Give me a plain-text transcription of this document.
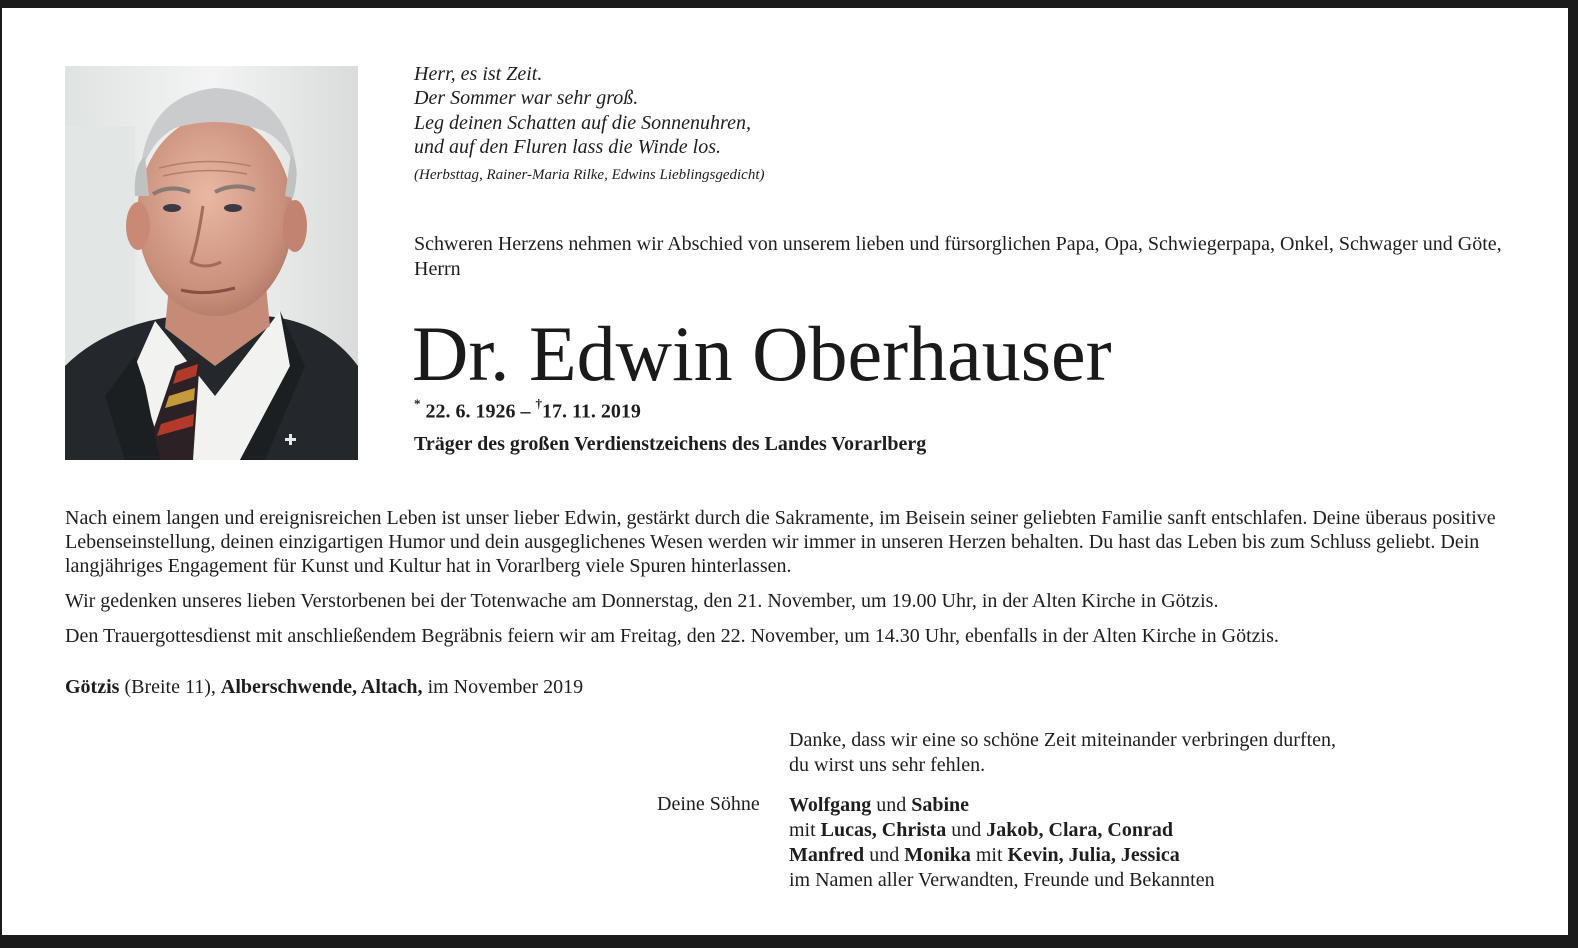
Herr, es ist Zeit.
Der Sommer war sehr groß.
Leg deinen Schatten auf die Sonnenuhren,
und auf den Fluren lass die Winde los.
(Herbsttag, Rainer-Maria Rilke, Edwins Lieblingsgedicht)
Schweren Herzens nehmen wir Abschied von unserem lieben und fürsorglichen Papa, Opa, Schwiegerpapa, Onkel, Schwager und Göte, Herrn
Dr. Edwin Oberhauser
* 22. 6. 1926 – †17. 11. 2019
Träger des großen Verdienstzeichens des Landes Vorarlberg

Nach einem langen und ereignisreichen Leben ist unser lieber Edwin, gestärkt durch die Sakramente, im Beisein seiner geliebten Familie sanft entschlafen. Deine überaus positive Lebenseinstellung, deinen einzigartigen Humor und dein ausgeglichenes Wesen werden wir immer in unseren Herzen behalten. Du hast das Leben bis zum Schluss geliebt. Dein langjähriges Engagement für Kunst und Kultur hat in Vorarlberg viele Spuren hinterlassen.

Wir gedenken unseres lieben Verstorbenen bei der Totenwache am Donnerstag, den 21. November, um 19.00 Uhr, in der Alten Kirche in Götzis.

Den Trauergottesdienst mit anschließendem Begräbnis feiern wir am Freitag, den 22. November, um 14.30 Uhr, ebenfalls in der Alten Kirche in Götzis.

Götzis (Breite 11), Alberschwende, Altach, im November 2019
Danke, dass wir eine so schöne Zeit miteinander verbringen durften, du wirst uns sehr fehlen.
Deine Söhne Wolfgang und Sabine
mit Lucas, Christa und Jakob, Clara, Conrad
Manfred und Monika mit Kevin, Julia, Jessica
im Namen aller Verwandten, Freunde und Bekannten
